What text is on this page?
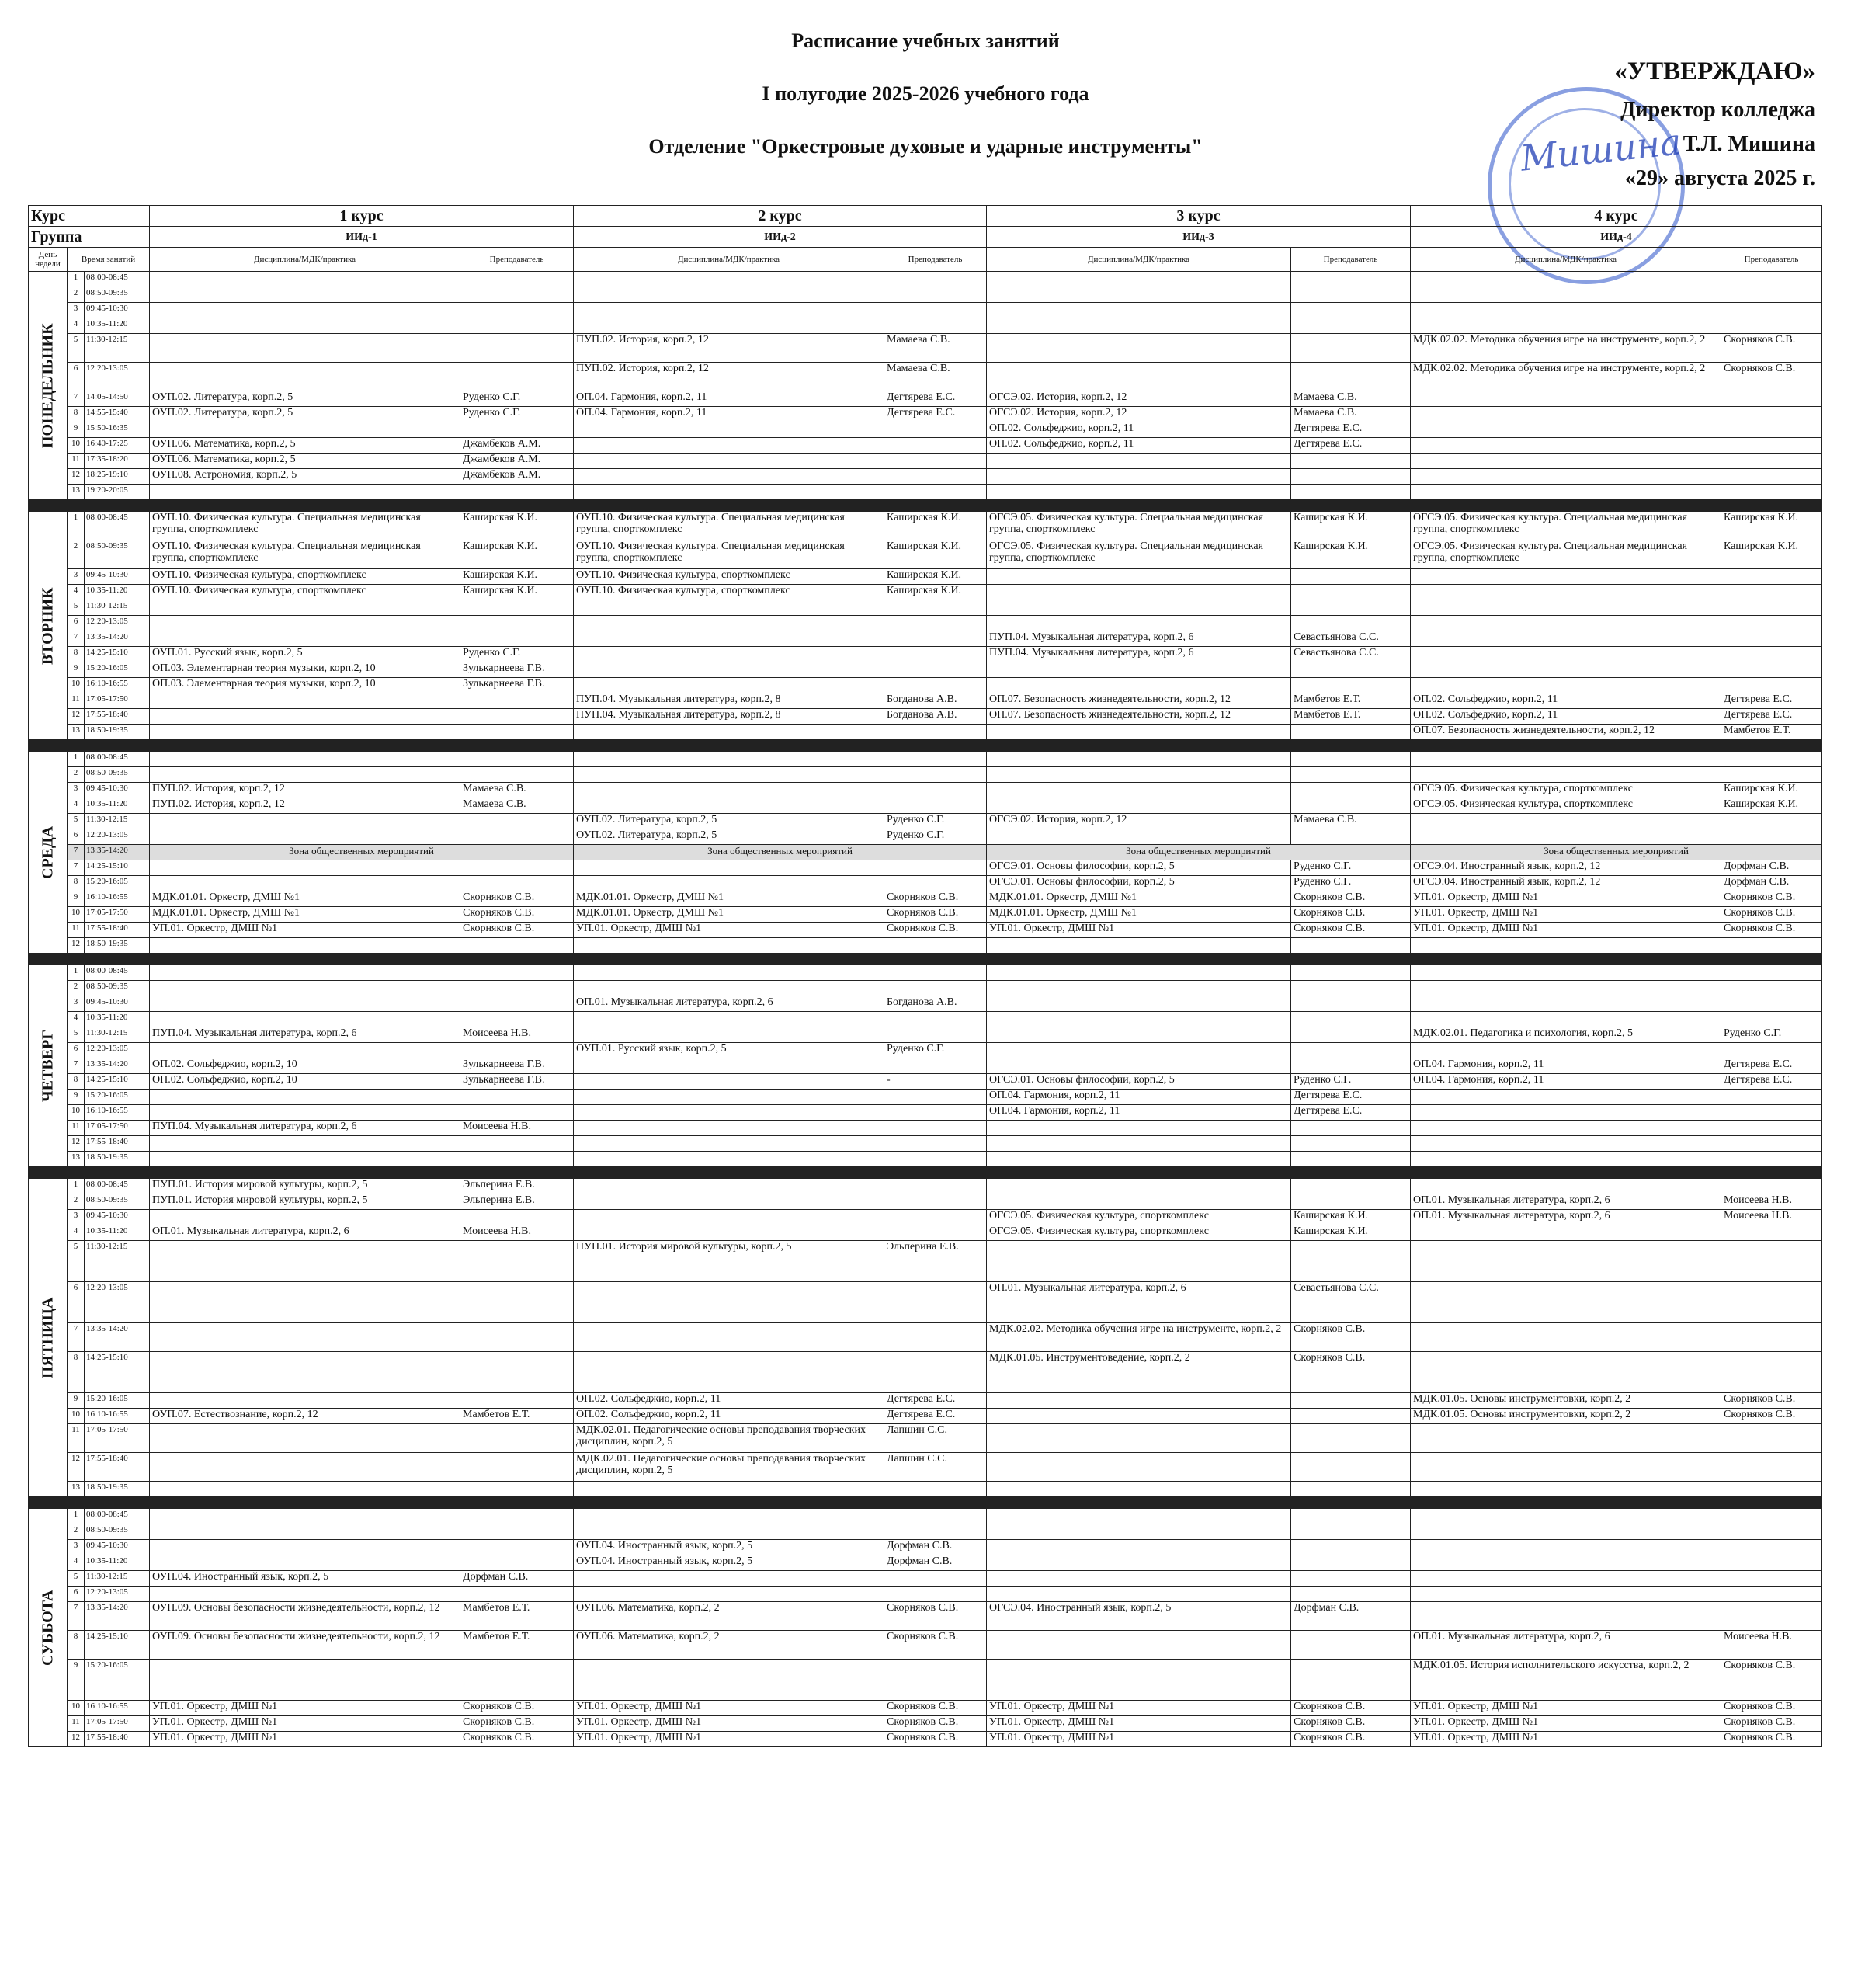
Расписание учебных занятий
I полугодие 2025-2026 учебного года
Отделение "Оркестровые духовые и ударные инструменты"	Мишина
«УТВЕРЖДАЮ»
Директор колледжа
Т.Л. Мишина
«29» августа 2025 г.
Курс			1 курс		2 курс		3 курс		4 курс	
Группа			ИИд-1		ИИд-2		ИИд-3		ИИд-4	
День недели	Время занятий		Дисциплина/МДК/практика	Преподаватель	Дисциплина/МДК/практика	Преподаватель	Дисциплина/МДК/практика	Преподаватель	Дисциплина/МДК/практика	Преподаватель
ПОНЕДЕЛЬНИК	1	08:00-08:45								
	2	08:50-09:35								
	3	09:45-10:30								
	4	10:35-11:20								
	5	11:30-12:15			ПУП.02. История, корп.2, 12	Мамаева С.В.			МДК.02.02. Методика обучения игре на инструменте, корп.2, 2	Скорняков С.В.
	6	12:20-13:05			ПУП.02. История, корп.2, 12	Мамаева С.В.			МДК.02.02. Методика обучения игре на инструменте, корп.2, 2	Скорняков С.В.
	7	14:05-14:50	ОУП.02. Литература, корп.2, 5	Руденко С.Г.	ОП.04. Гармония, корп.2, 11	Дегтярева Е.С.	ОГСЭ.02. История, корп.2, 12	Мамаева С.В.		
	8	14:55-15:40	ОУП.02. Литература, корп.2, 5	Руденко С.Г.	ОП.04. Гармония, корп.2, 11	Дегтярева Е.С.	ОГСЭ.02. История, корп.2, 12	Мамаева С.В.		
	9	15:50-16:35					ОП.02. Сольфеджио, корп.2, 11	Дегтярева Е.С.		
	10	16:40-17:25	ОУП.06. Математика, корп.2, 5	Джамбеков А.М.			ОП.02. Сольфеджио, корп.2, 11	Дегтярева Е.С.		
	11	17:35-18:20	ОУП.06. Математика, корп.2, 5	Джамбеков А.М.						
	12	18:25-19:10	ОУП.08. Астрономия, корп.2, 5	Джамбеков А.М.						
	13	19:20-20:05								

ВТОРНИК	1	08:00-08:45	ОУП.10. Физическая культура. Специальная медицинская группа, спорткомплекс	Каширская К.И.	ОУП.10. Физическая культура. Специальная медицинская группа, спорткомплекс	Каширская К.И.	ОГСЭ.05. Физическая культура. Специальная медицинская группа, спорткомплекс	Каширская К.И.	ОГСЭ.05. Физическая культура. Специальная медицинская группа, спорткомплекс	Каширская К.И.
	2	08:50-09:35	ОУП.10. Физическая культура. Специальная медицинская группа, спорткомплекс	Каширская К.И.	ОУП.10. Физическая культура. Специальная медицинская группа, спорткомплекс	Каширская К.И.	ОГСЭ.05. Физическая культура. Специальная медицинская группа, спорткомплекс	Каширская К.И.	ОГСЭ.05. Физическая культура. Специальная медицинская группа, спорткомплекс	Каширская К.И.
	3	09:45-10:30	ОУП.10. Физическая культура, спорткомплекс	Каширская К.И.	ОУП.10. Физическая культура, спорткомплекс	Каширская К.И.				
	4	10:35-11:20	ОУП.10. Физическая культура, спорткомплекс	Каширская К.И.	ОУП.10. Физическая культура, спорткомплекс	Каширская К.И.				
	5	11:30-12:15								
	6	12:20-13:05								
	7	13:35-14:20					ПУП.04. Музыкальная литература, корп.2, 6	Севастьянова С.С.		
	8	14:25-15:10	ОУП.01. Русский язык, корп.2, 5	Руденко С.Г.			ПУП.04. Музыкальная литература, корп.2, 6	Севастьянова С.С.		
	9	15:20-16:05	ОП.03. Элементарная теория музыки, корп.2, 10	Зулькарнеева Г.В.						
	10	16:10-16:55	ОП.03. Элементарная теория музыки, корп.2, 10	Зулькарнеева Г.В.						
	11	17:05-17:50			ПУП.04. Музыкальная литература, корп.2, 8	Богданова А.В.	ОП.07. Безопасность жизнедеятельности, корп.2, 12	Мамбетов Е.Т.	ОП.02. Сольфеджио, корп.2, 11	Дегтярева Е.С.
	12	17:55-18:40			ПУП.04. Музыкальная литература, корп.2, 8	Богданова А.В.	ОП.07. Безопасность жизнедеятельности, корп.2, 12	Мамбетов Е.Т.	ОП.02. Сольфеджио, корп.2, 11	Дегтярева Е.С.
	13	18:50-19:35							ОП.07. Безопасность жизнедеятельности, корп.2, 12	Мамбетов Е.Т.

СРЕДА	1	08:00-08:45								
	2	08:50-09:35								
	3	09:45-10:30	ПУП.02. История, корп.2, 12	Мамаева С.В.					ОГСЭ.05. Физическая культура, спорткомплекс	Каширская К.И.
	4	10:35-11:20	ПУП.02. История, корп.2, 12	Мамаева С.В.					ОГСЭ.05. Физическая культура, спорткомплекс	Каширская К.И.
	5	11:30-12:15			ОУП.02. Литература, корп.2, 5	Руденко С.Г.	ОГСЭ.02. История, корп.2, 12	Мамаева С.В.		
	6	12:20-13:05			ОУП.02. Литература, корп.2, 5	Руденко С.Г.				
	7	13:35-14:20	Зона общественных мероприятий		Зона общественных мероприятий		Зона общественных мероприятий		Зона общественных мероприятий	
	7	14:25-15:10					ОГСЭ.01. Основы философии, корп.2, 5	Руденко С.Г.	ОГСЭ.04. Иностранный язык, корп.2, 12	Дорфман С.В.
	8	15:20-16:05					ОГСЭ.01. Основы философии, корп.2, 5	Руденко С.Г.	ОГСЭ.04. Иностранный язык, корп.2, 12	Дорфман С.В.
	9	16:10-16:55	МДК.01.01. Оркестр, ДМШ №1	Скорняков С.В.	МДК.01.01. Оркестр, ДМШ №1	Скорняков С.В.	МДК.01.01. Оркестр, ДМШ №1	Скорняков С.В.	УП.01. Оркестр, ДМШ №1	Скорняков С.В.
	10	17:05-17:50	МДК.01.01. Оркестр, ДМШ №1	Скорняков С.В.	МДК.01.01. Оркестр, ДМШ №1	Скорняков С.В.	МДК.01.01. Оркестр, ДМШ №1	Скорняков С.В.	УП.01. Оркестр, ДМШ №1	Скорняков С.В.
	11	17:55-18:40	УП.01. Оркестр, ДМШ №1	Скорняков С.В.	УП.01. Оркестр, ДМШ №1	Скорняков С.В.	УП.01. Оркестр, ДМШ №1	Скорняков С.В.	УП.01. Оркестр, ДМШ №1	Скорняков С.В.
	12	18:50-19:35								

ЧЕТВЕРГ	1	08:00-08:45								
	2	08:50-09:35								
	3	09:45-10:30			ОП.01. Музыкальная литература, корп.2, 6	Богданова А.В.				
	4	10:35-11:20								
	5	11:30-12:15	ПУП.04. Музыкальная литература, корп.2, 6	Моисеева Н.В.					МДК.02.01. Педагогика и психология, корп.2, 5	Руденко С.Г.
	6	12:20-13:05			ОУП.01. Русский язык, корп.2, 5	Руденко С.Г.				
	7	13:35-14:20	ОП.02. Сольфеджио, корп.2, 10	Зулькарнеева Г.В.					ОП.04. Гармония, корп.2, 11	Дегтярева Е.С.
	8	14:25-15:10	ОП.02. Сольфеджио, корп.2, 10	Зулькарнеева Г.В.		-	ОГСЭ.01. Основы философии, корп.2, 5	Руденко С.Г.	ОП.04. Гармония, корп.2, 11	Дегтярева Е.С.
	9	15:20-16:05					ОП.04. Гармония, корп.2, 11	Дегтярева Е.С.		
	10	16:10-16:55					ОП.04. Гармония, корп.2, 11	Дегтярева Е.С.		
	11	17:05-17:50	ПУП.04. Музыкальная литература, корп.2, 6	Моисеева Н.В.						
	12	17:55-18:40								
	13	18:50-19:35								

ПЯТНИЦА	1	08:00-08:45	ПУП.01. История мировой культуры, корп.2, 5	Эльперина Е.В.						
	2	08:50-09:35	ПУП.01. История мировой культуры, корп.2, 5	Эльперина Е.В.					ОП.01. Музыкальная литература, корп.2, 6	Моисеева Н.В.
	3	09:45-10:30					ОГСЭ.05. Физическая культура, спорткомплекс	Каширская К.И.	ОП.01. Музыкальная литература, корп.2, 6	Моисеева Н.В.
	4	10:35-11:20	ОП.01. Музыкальная литература, корп.2, 6	Моисеева Н.В.			ОГСЭ.05. Физическая культура, спорткомплекс	Каширская К.И.		
	5	11:30-12:15			ПУП.01. История мировой культуры, корп.2, 5	Эльперина Е.В.				
	6	12:20-13:05					ОП.01. Музыкальная литература, корп.2, 6	Севастьянова С.С.		
	7	13:35-14:20					МДК.02.02. Методика обучения игре на инструменте, корп.2, 2	Скорняков С.В.		
	8	14:25-15:10					МДК.01.05. Инструментоведение, корп.2, 2	Скорняков С.В.		
	9	15:20-16:05			ОП.02. Сольфеджио, корп.2, 11	Дегтярева Е.С.			МДК.01.05. Основы инструментовки, корп.2, 2	Скорняков С.В.
	10	16:10-16:55	ОУП.07. Естествознание, корп.2, 12	Мамбетов Е.Т.	ОП.02. Сольфеджио, корп.2, 11	Дегтярева Е.С.			МДК.01.05. Основы инструментовки, корп.2, 2	Скорняков С.В.
	11	17:05-17:50			МДК.02.01. Педагогические основы преподавания творческих дисциплин, корп.2, 5	Лапшин С.С.				
	12	17:55-18:40			МДК.02.01. Педагогические основы преподавания творческих дисциплин, корп.2, 5	Лапшин С.С.				
	13	18:50-19:35								

СУББОТА	1	08:00-08:45								
	2	08:50-09:35								
	3	09:45-10:30			ОУП.04. Иностранный язык, корп.2, 5	Дорфман С.В.				
	4	10:35-11:20			ОУП.04. Иностранный язык, корп.2, 5	Дорфман С.В.				
	5	11:30-12:15	ОУП.04. Иностранный язык, корп.2, 5	Дорфман С.В.						
	6	12:20-13:05								
	7	13:35-14:20	ОУП.09. Основы безопасности жизнедеятельности, корп.2, 12	Мамбетов Е.Т.	ОУП.06. Математика, корп.2, 2	Скорняков С.В.	ОГСЭ.04. Иностранный язык, корп.2, 5	Дорфман С.В.		
	8	14:25-15:10	ОУП.09. Основы безопасности жизнедеятельности, корп.2, 12	Мамбетов Е.Т.	ОУП.06. Математика, корп.2, 2	Скорняков С.В.			ОП.01. Музыкальная литература, корп.2, 6	Моисеева Н.В.
	9	15:20-16:05							МДК.01.05. История исполнительского искусства, корп.2, 2	Скорняков С.В.
	10	16:10-16:55	УП.01. Оркестр, ДМШ №1	Скорняков С.В.	УП.01. Оркестр, ДМШ №1	Скорняков С.В.	УП.01. Оркестр, ДМШ №1	Скорняков С.В.	УП.01. Оркестр, ДМШ №1	Скорняков С.В.
	11	17:05-17:50	УП.01. Оркестр, ДМШ №1	Скорняков С.В.	УП.01. Оркестр, ДМШ №1	Скорняков С.В.	УП.01. Оркестр, ДМШ №1	Скорняков С.В.	УП.01. Оркестр, ДМШ №1	Скорняков С.В.
	12	17:55-18:40	УП.01. Оркестр, ДМШ №1	Скорняков С.В.	УП.01. Оркестр, ДМШ №1	Скорняков С.В.	УП.01. Оркестр, ДМШ №1	Скорняков С.В.	УП.01. Оркестр, ДМШ №1	Скорняков С.В.
